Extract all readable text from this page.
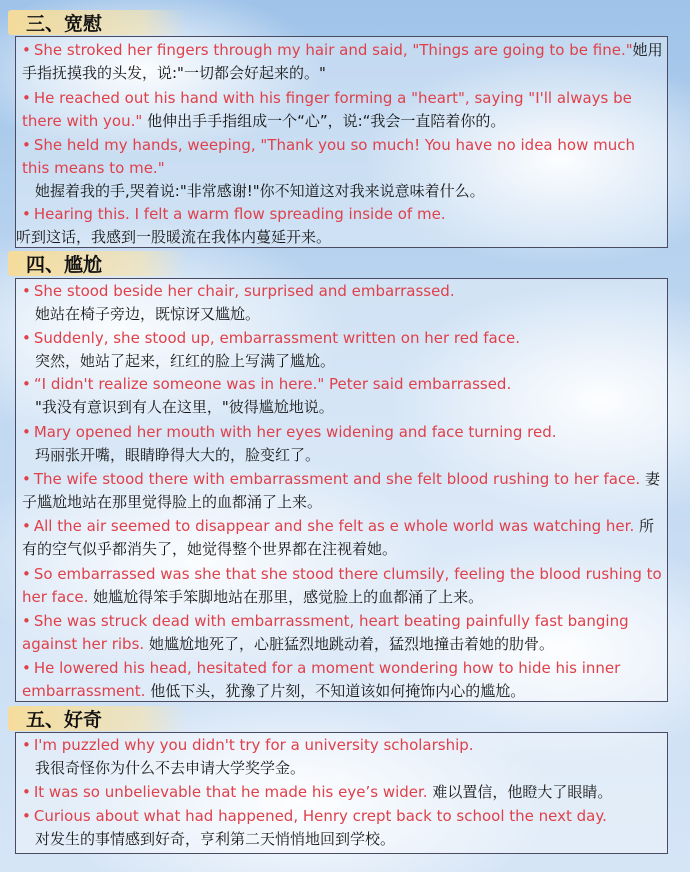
三、宽慰
• She stroked her fingers through my hair and said, "Things are going to be fine."她用手指抚摸我的头发，说:"一切都会好起来的。"
• He reached out his hand with his finger forming a "heart", saying "I'll always be there with you." 他伸出手手指组成一个“心”，说:“我会一直陪着你的。
• She held my hands, weeping, "Thank you so much! You have no idea how much this means to me."
她握着我的手,哭着说:"非常感谢!"你不知道这对我来说意味着什么。
• Hearing this. I felt a warm flow spreading inside of me.
听到这话，我感到一股暖流在我体内蔓延开来。
四、尴尬
• She stood beside her chair, surprised and embarrassed.
她站在椅子旁边，既惊讶又尴尬。
• Suddenly, she stood up, embarrassment written on her red face.
突然，她站了起来，红红的脸上写满了尴尬。
• “I didn't realize someone was in here." Peter said embarrassed.
"我没有意识到有人在这里，"彼得尴尬地说。
• Mary opened her mouth with her eyes widening and face turning red.
玛丽张开嘴，眼睛睁得大大的，脸变红了。
• The wife stood there with embarrassment and she felt blood rushing to her face. 妻子尴尬地站在那里觉得脸上的血都涌了上来。
• All the air seemed to disappear and she felt as e whole world was watching her. 所有的空气似乎都消失了，她觉得整个世界都在注视着她。
• So embarrassed was she that she stood there clumsily, feeling the blood rushing to her face. 她尴尬得笨手笨脚地站在那里，感觉脸上的血都涌了上来。
• She was struck dead with embarrassment, heart beating painfully fast banging against her ribs. 她尴尬地死了，心脏猛烈地跳动着，猛烈地撞击着她的肋骨。
• He lowered his head, hesitated for a moment wondering how to hide his inner embarrassment. 他低下头，犹豫了片刻，不知道该如何掩饰内心的尴尬。
五、好奇
• I'm puzzled why you didn't try for a university scholarship.
我很奇怪你为什么不去申请大学奖学金。
• It was so unbelievable that he made his eye’s wider. 难以置信，他瞪大了眼睛。
• Curious about what had happened, Henry crept back to school the next day.
对发生的事情感到好奇，亨利第二天悄悄地回到学校。
